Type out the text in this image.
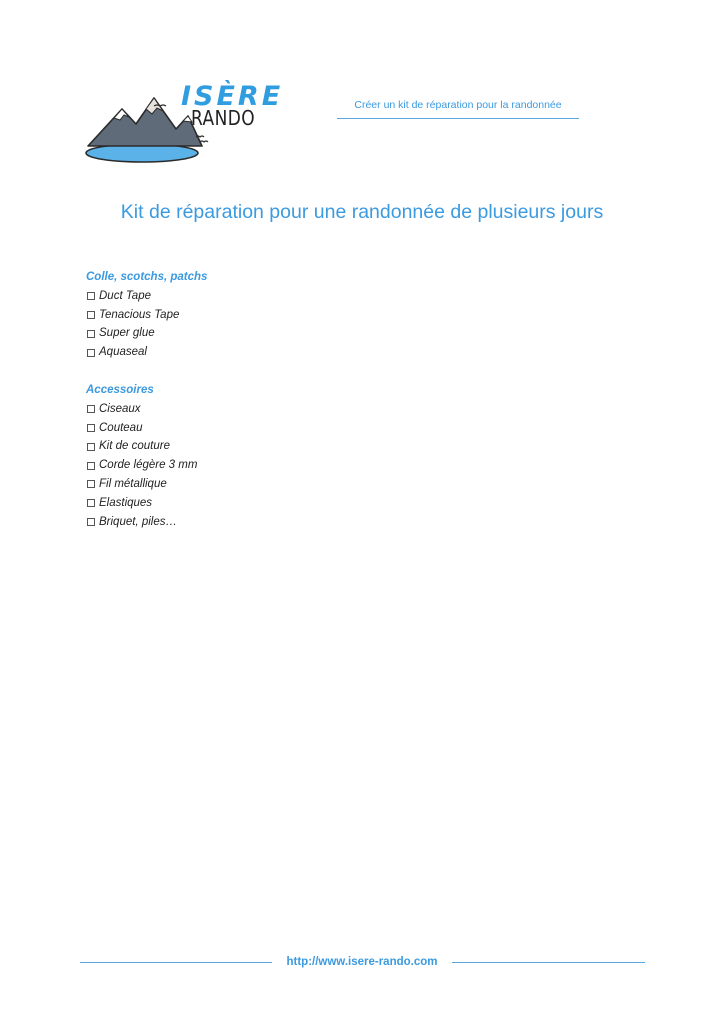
ISÈRE
RANDO
Créer un kit de réparation pour la randonnée
Kit de réparation pour une randonnée de plusieurs jours
Colle, scotchs, patchs
Duct Tape
Tenacious Tape
Super glue
Aquaseal
Accessoires
Ciseaux
Couteau
Kit de couture
Corde légère 3 mm
Fil métallique
Elastiques
Briquet, piles…
http://www.isere-rando.com
